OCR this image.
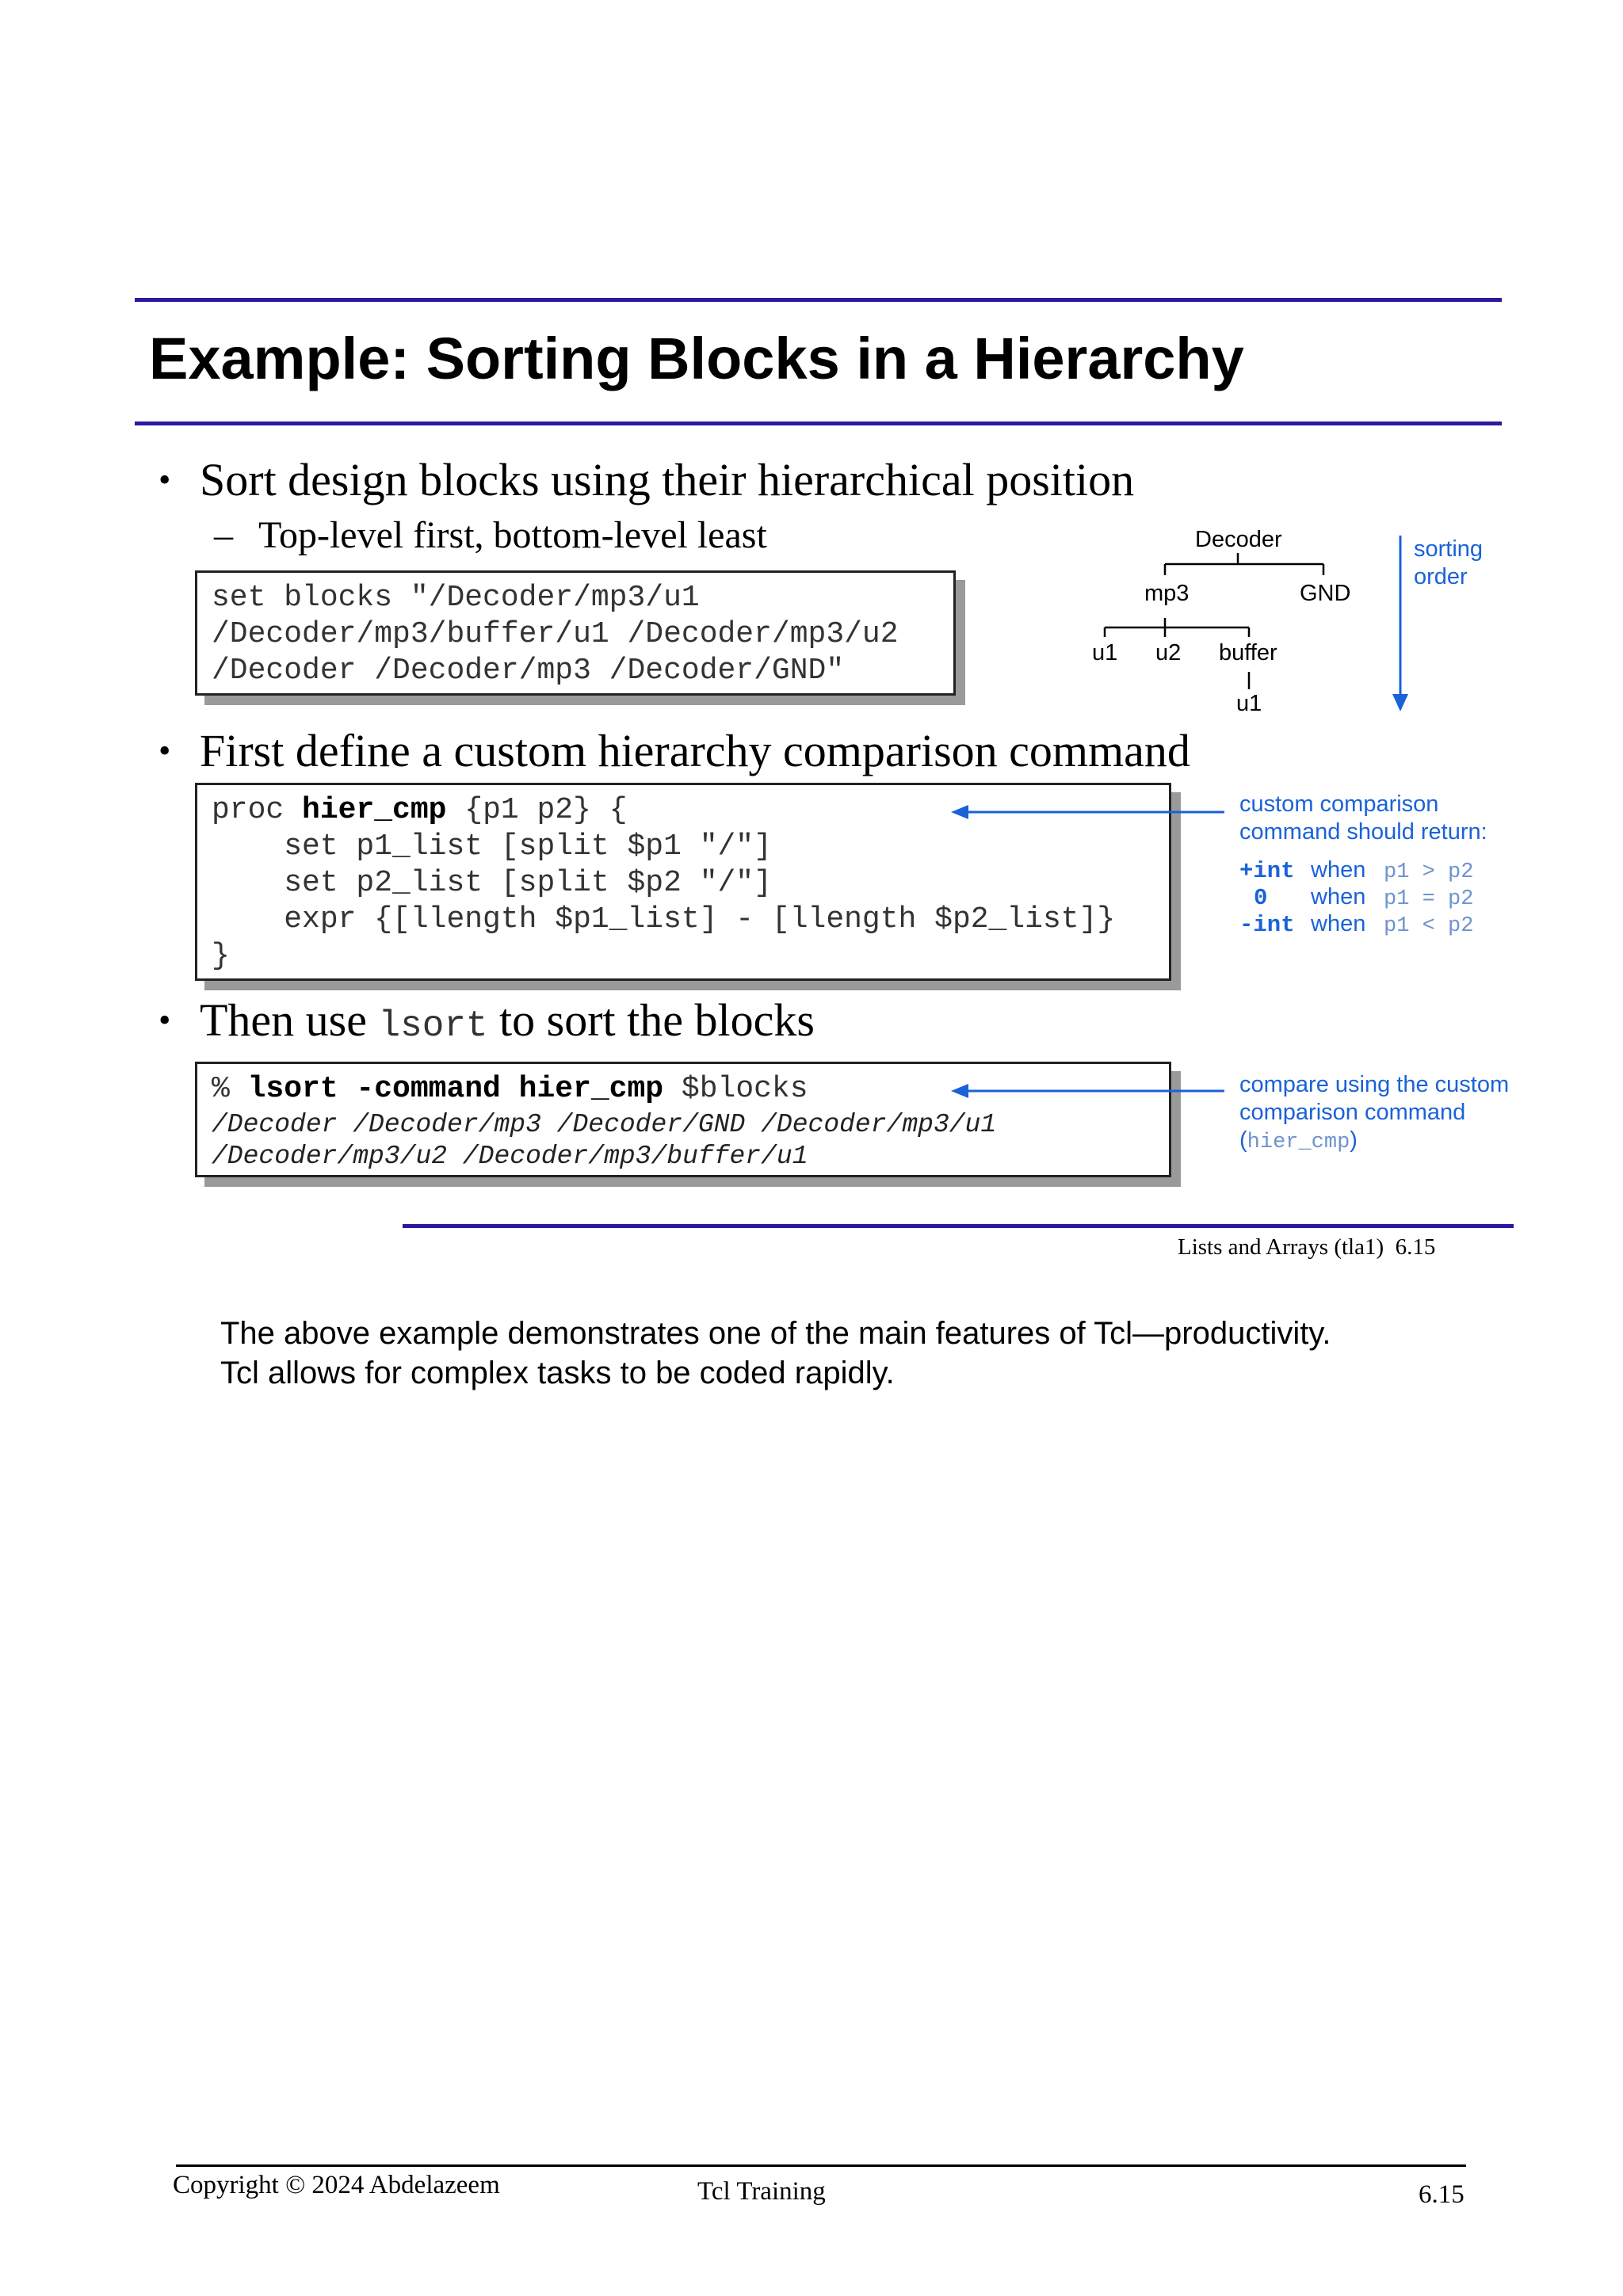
Example: Sorting Blocks in a Hierarchy
• Sort design blocks using their hierarchical position
– Top-level first, bottom-level least
set blocks "/Decoder/mp3/u1
/Decoder/mp3/buffer/u1 /Decoder/mp3/u2
/Decoder /Decoder/mp3 /Decoder/GND"
Decoder
mp3	GND
u1 u2 buffer
u1
sorting
order
• First define a custom hierarchy comparison command
proc hier_cmp {p1 p2} {
set p1_list [split $p1 "/"]
set p2_list [split $p2 "/"]
expr {[llength $p1_list] - [llength $p2_list]}
}
custom comparison
command should return:
+int when p1 > p2
0 when p1 = p2
-int when p1 < p2
• Then use lsort to sort the blocks
% lsort -command hier_cmp $blocks
/Decoder /Decoder/mp3 /Decoder/GND /Decoder/mp3/u1
/Decoder/mp3/u2 /Decoder/mp3/buffer/u1
compare using the custom
comparison command
(hier_cmp)
Lists and Arrays (tla1)  6.15
The above example demonstrates one of the main features of Tcl—productivity.
Tcl allows for complex tasks to be coded rapidly.
Copyright © 2024 Abdelazeem	Tcl Training	6.15
